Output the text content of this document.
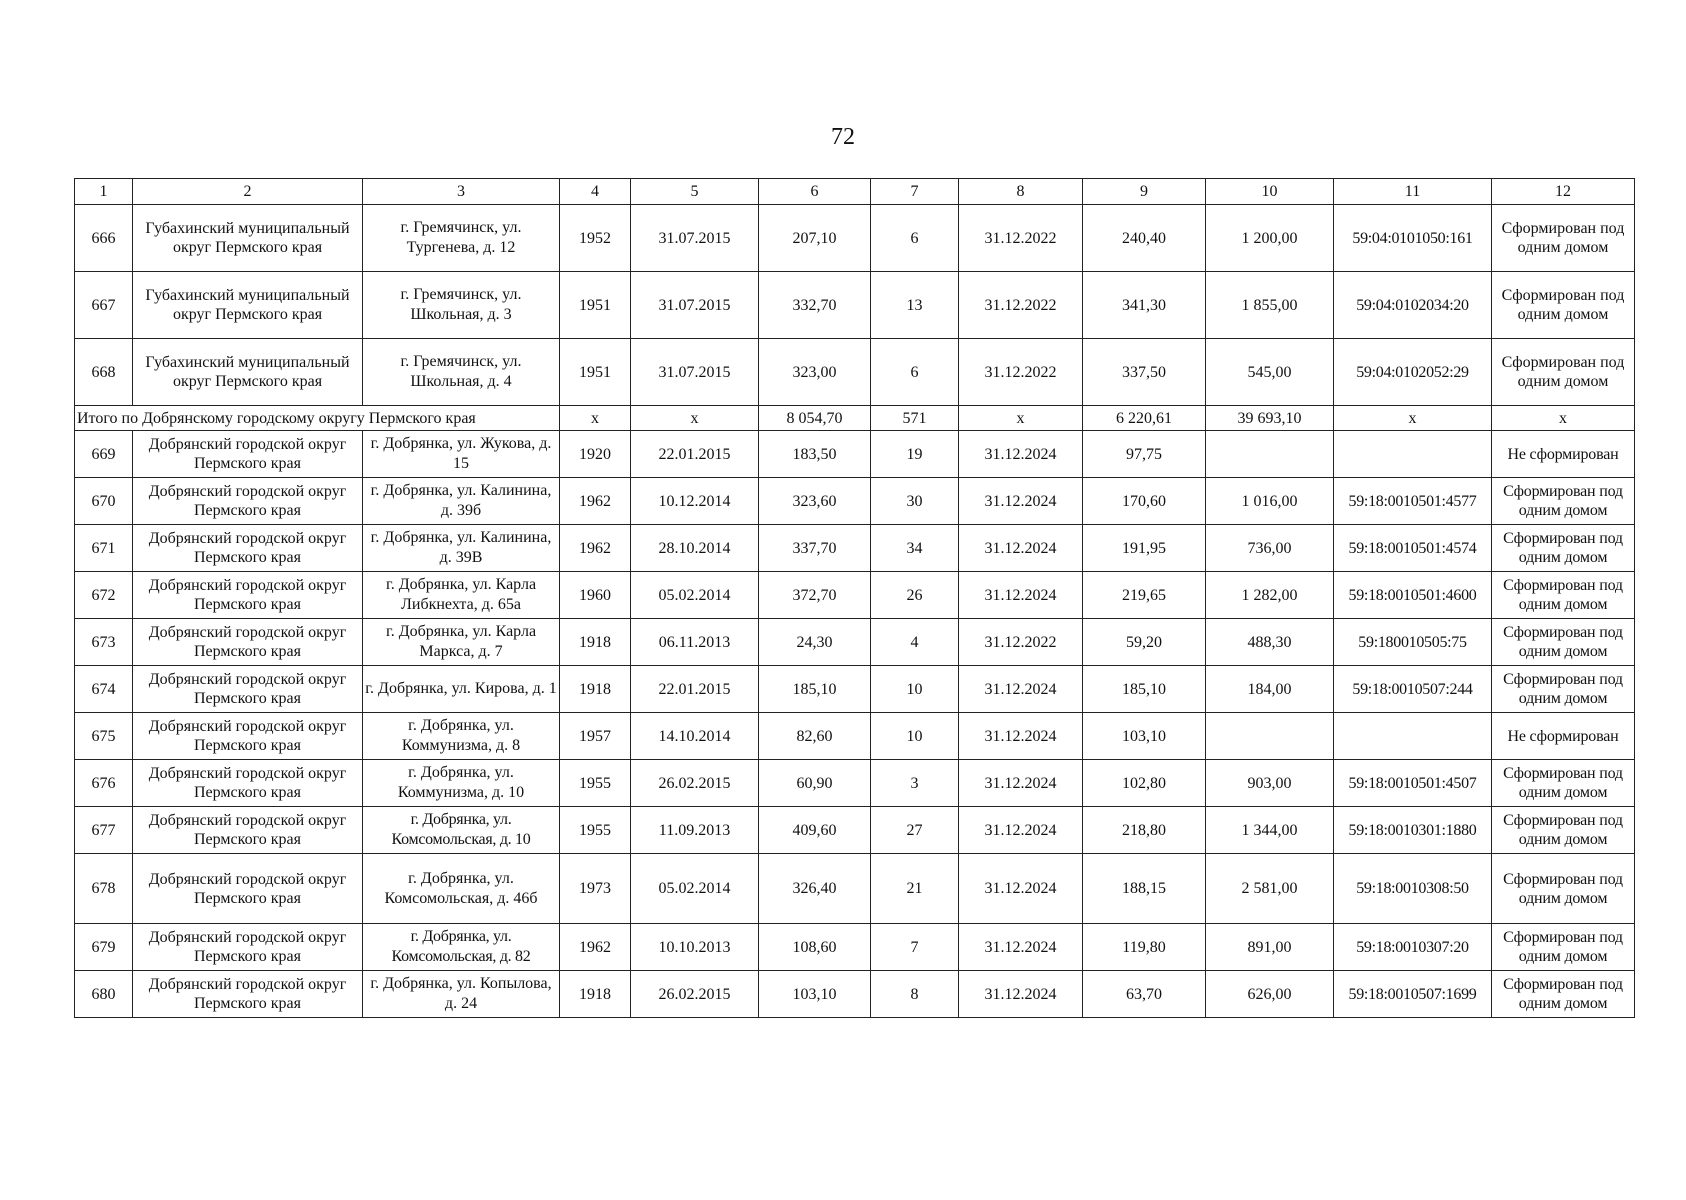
72
1	2	3	4	5	6	7	8	9	10	11	12
666	Губахинский муниципальный округ Пермского края	г. Гремячинск, ул. Тургенева, д. 12	1952	31.07.2015	207,10	6	31.12.2022	240,40	1 200,00	59:04:0101050:161	Сформирован под одним домом
667	Губахинский муниципальный округ Пермского края	г. Гремячинск, ул. Школьная, д. 3	1951	31.07.2015	332,70	13	31.12.2022	341,30	1 855,00	59:04:0102034:20	Сформирован под одним домом
668	Губахинский муниципальный округ Пермского края	г. Гремячинск, ул. Школьная, д. 4	1951	31.07.2015	323,00	6	31.12.2022	337,50	545,00	59:04:0102052:29	Сформирован под одним домом
Итого по Добрянскому городскому округу Пермского края			x	x	8 054,70	571	x	6 220,61	39 693,10	x	x
669	Добрянский городской округ Пермского края	г. Добрянка, ул. Жукова, д. 15	1920	22.01.2015	183,50	19	31.12.2024	97,75			Не сформирован
670	Добрянский городской округ Пермского края	г. Добрянка, ул. Калинина, д. 39б	1962	10.12.2014	323,60	30	31.12.2024	170,60	1 016,00	59:18:0010501:4577	Сформирован под одним домом
671	Добрянский городской округ Пермского края	г. Добрянка, ул. Калинина, д. 39В	1962	28.10.2014	337,70	34	31.12.2024	191,95	736,00	59:18:0010501:4574	Сформирован под одним домом
672	Добрянский городской округ Пермского края	г. Добрянка, ул. Карла Либкнехта, д. 65а	1960	05.02.2014	372,70	26	31.12.2024	219,65	1 282,00	59:18:0010501:4600	Сформирован под одним домом
673	Добрянский городской округ Пермского края	г. Добрянка, ул. Карла Маркса, д. 7	1918	06.11.2013	24,30	4	31.12.2022	59,20	488,30	59:180010505:75	Сформирован под одним домом
674	Добрянский городской округ Пермского края	г. Добрянка, ул. Кирова, д. 1	1918	22.01.2015	185,10	10	31.12.2024	185,10	184,00	59:18:0010507:244	Сформирован под одним домом
675	Добрянский городской округ Пермского края	г. Добрянка, ул. Коммунизма, д. 8	1957	14.10.2014	82,60	10	31.12.2024	103,10			Не сформирован
676	Добрянский городской округ Пермского края	г. Добрянка, ул. Коммунизма, д. 10	1955	26.02.2015	60,90	3	31.12.2024	102,80	903,00	59:18:0010501:4507	Сформирован под одним домом
677	Добрянский городской округ Пермского края	г. Добрянка, ул. Комсомольская, д. 10	1955	11.09.2013	409,60	27	31.12.2024	218,80	1 344,00	59:18:0010301:1880	Сформирован под одним домом
678	Добрянский городской округ Пермского края	г. Добрянка, ул. Комсомольская, д. 46б	1973	05.02.2014	326,40	21	31.12.2024	188,15	2 581,00	59:18:0010308:50	Сформирован под одним домом
679	Добрянский городской округ Пермского края	г. Добрянка, ул. Комсомольская, д. 82	1962	10.10.2013	108,60	7	31.12.2024	119,80	891,00	59:18:0010307:20	Сформирован под одним домом
680	Добрянский городской округ Пермского края	г. Добрянка, ул. Копылова, д. 24	1918	26.02.2015	103,10	8	31.12.2024	63,70	626,00	59:18:0010507:1699	Сформирован под одним домом
